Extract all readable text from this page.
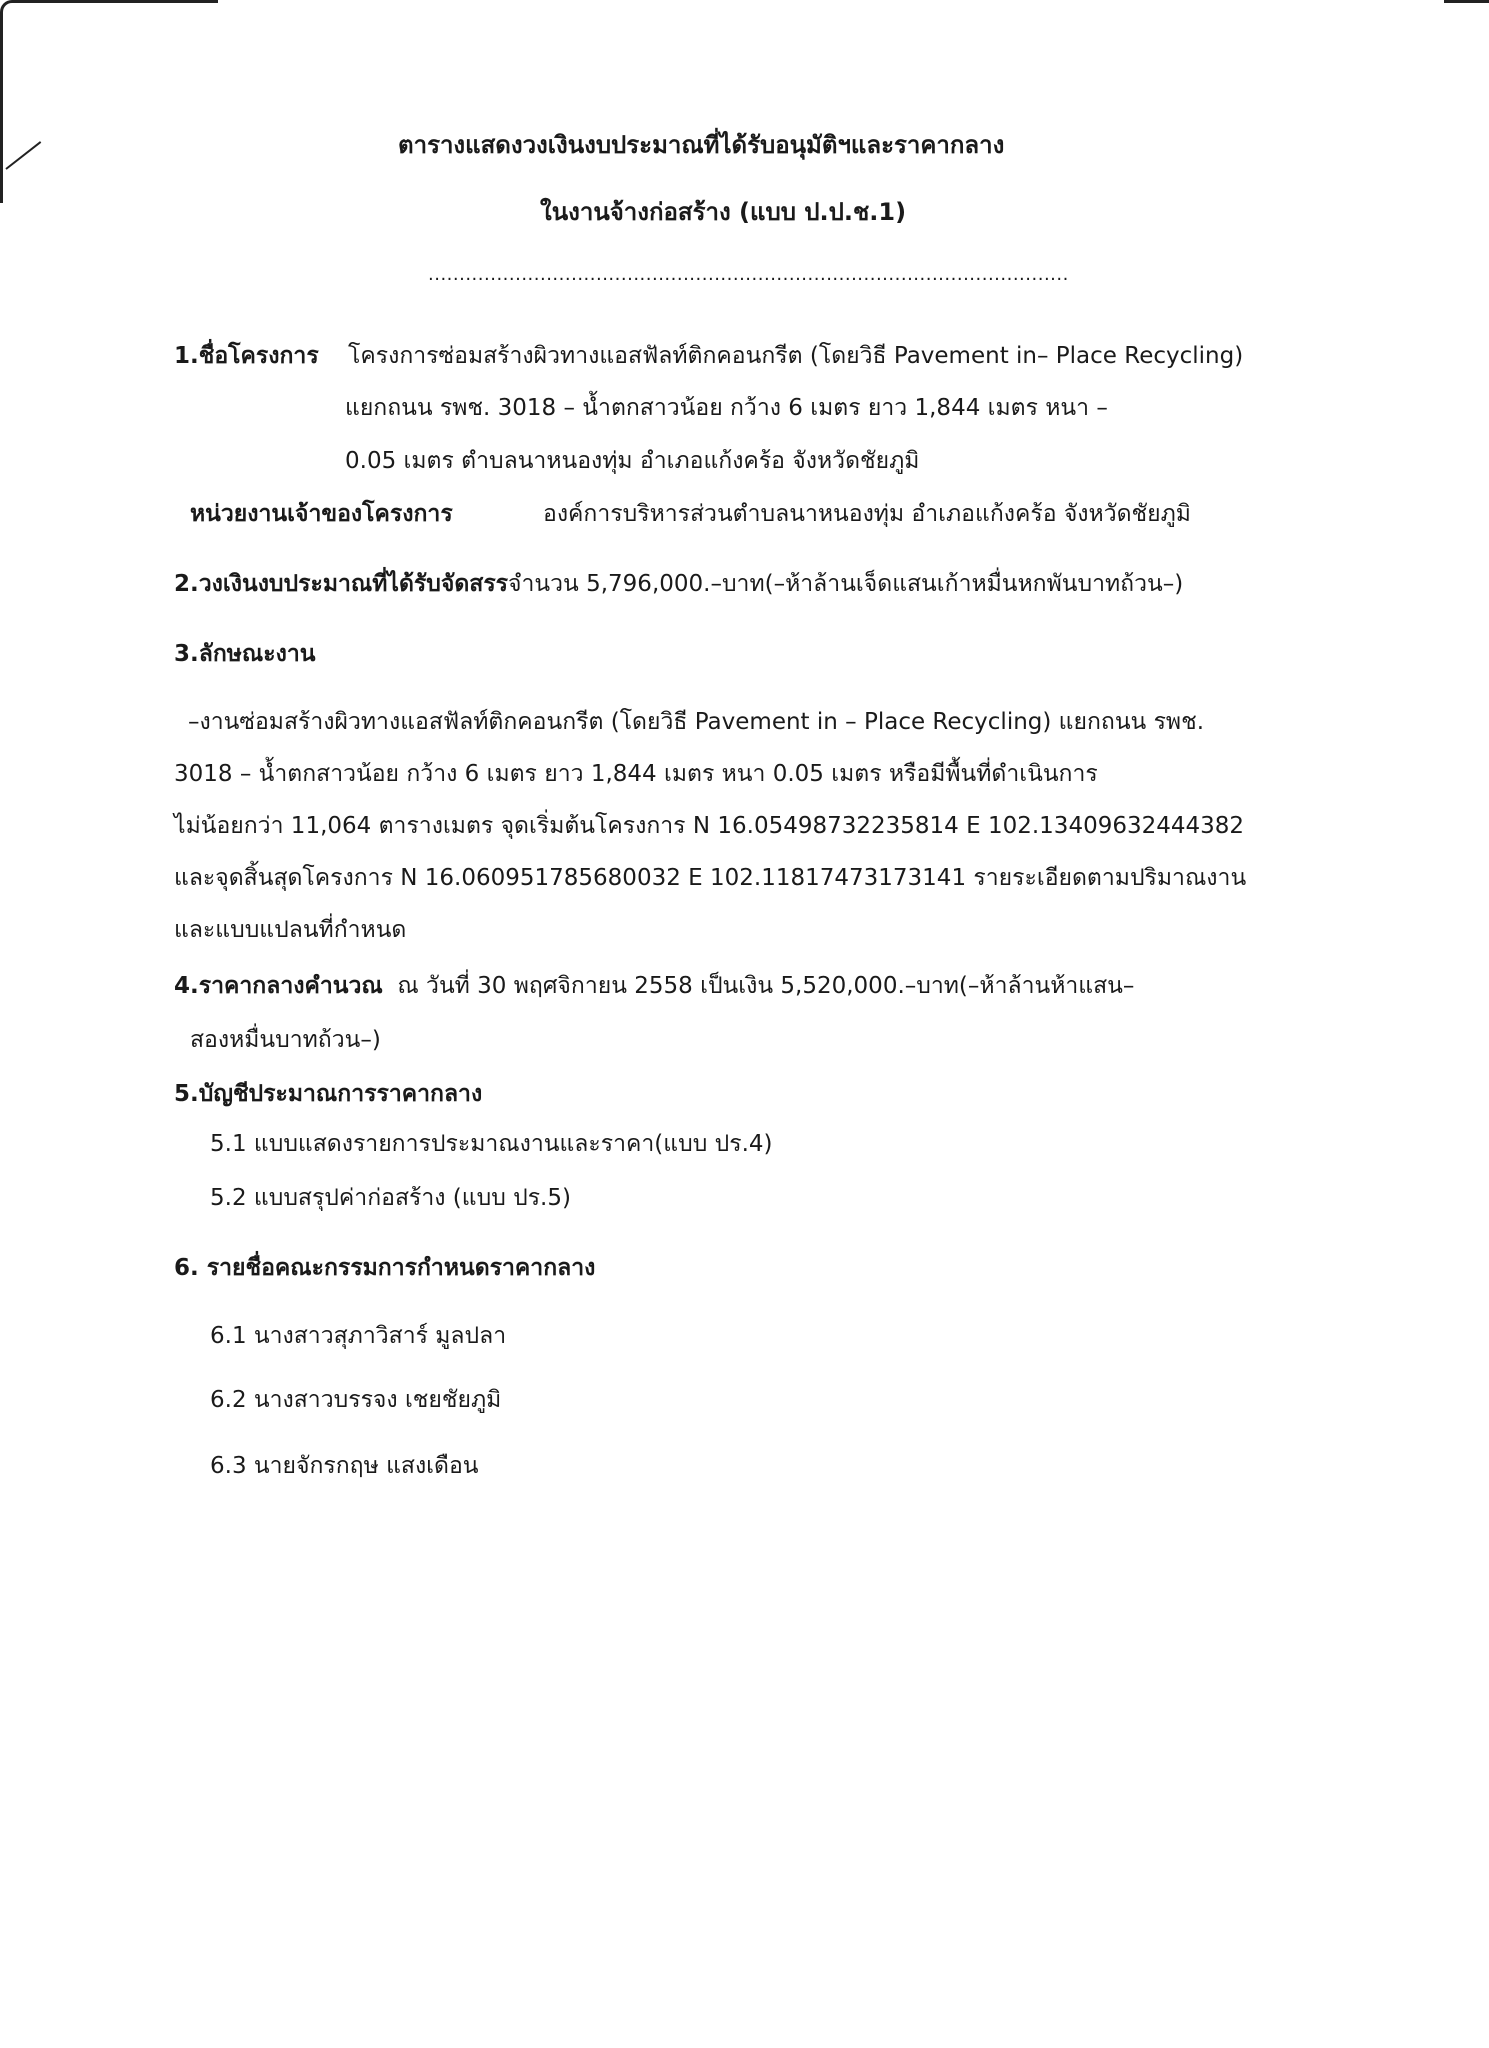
ตารางแสดงวงเงินงบประมาณที่ได้รับอนุมัติฯและราคากลาง
ในงานจ้างก่อสร้าง (แบบ ป.ป.ช.1)
.......................................................................................................
1.ชื่อโครงการ โครงการซ่อมสร้างผิวทางแอสฟัลท์ติกคอนกรีต (โดยวิธี Pavement in– Place Recycling)
แยกถนน รพช. 3018 – น้ำตกสาวน้อย กว้าง 6 เมตร ยาว 1,844 เมตร หนา –
0.05 เมตร ตำบลนาหนองทุ่ม อำเภอแก้งคร้อ จังหวัดชัยภูมิ
หน่วยงานเจ้าของโครงการ	องค์การบริหารส่วนตำบลนาหนองทุ่ม อำเภอแก้งคร้อ จังหวัดชัยภูมิ
2.วงเงินงบประมาณที่ได้รับจัดสรรจำนวน 5,796,000.–บาท(–ห้าล้านเจ็ดแสนเก้าหมื่นหกพันบาทถ้วน–)
3.ลักษณะงาน
–งานซ่อมสร้างผิวทางแอสฟัลท์ติกคอนกรีต (โดยวิธี Pavement in – Place Recycling) แยกถนน รพช.
3018 – น้ำตกสาวน้อย กว้าง 6 เมตร ยาว 1,844 เมตร หนา 0.05 เมตร หรือมีพื้นที่ดำเนินการ
ไม่น้อยกว่า 11,064 ตารางเมตร จุดเริ่มต้นโครงการ N 16.05498732235814 E 102.13409632444382
และจุดสิ้นสุดโครงการ N 16.060951785680032 E 102.11817473173141 รายระเอียดตามปริมาณงาน
และแบบแปลนที่กำหนด
4.ราคากลางคำนวณ ณ วันที่ 30 พฤศจิกายน 2558 เป็นเงิน 5,520,000.–บาท(–ห้าล้านห้าแสน–
สองหมื่นบาทถ้วน–)
5.บัญชีประมาณการราคากลาง
5.1 แบบแสดงรายการประมาณงานและราคา(แบบ ปร.4)
5.2 แบบสรุปค่าก่อสร้าง (แบบ ปร.5)
6. รายชื่อคณะกรรมการกำหนดราคากลาง
6.1 นางสาวสุภาวิสาร์ มูลปลา
6.2 นางสาวบรรจง เชยชัยภูมิ
6.3 นายจักรกฤษ แสงเดือน
